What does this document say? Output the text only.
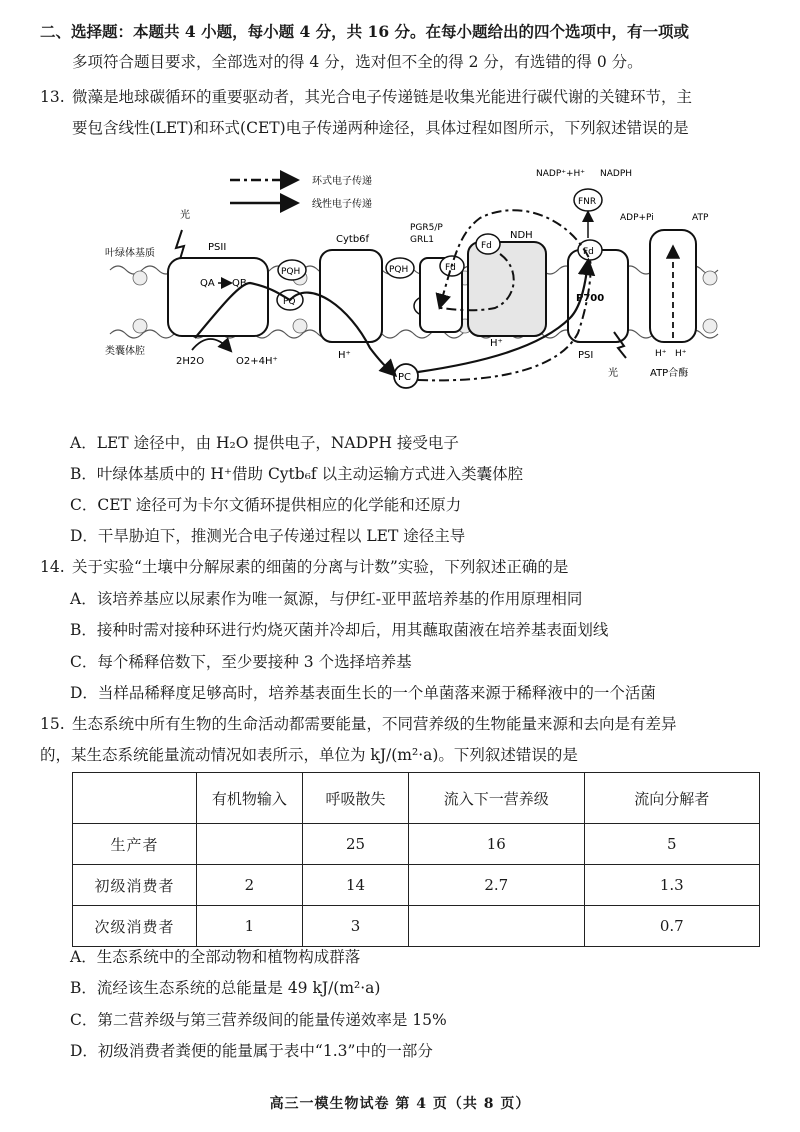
二、选择题：本题共 4 小题，每小题 4 分，共 16 分。在每小题给出的四个选项中，有一项或
多项符合题目要求，全部选对的得 4 分，选对但不全的得 2 分，有选错的得 0 分。
13. 微藻是地球碳循环的重要驱动者，其光合电子传递链是收集光能进行碳代谢的关键环节，主
要包含线性(LET)和环式(CET)电子传递两种途径，具体过程如图所示，下列叙述错误的是
环式电子传递
线性电子传递
叶绿体基质
类囊体腔
光
PSII
QA QB
PQH
PQ
Cytb6f
H⁺
PQH
PGR5/P
GRL1
Fd
NDH
Fd
H⁺
Fd
P700
PSI
光
FNR
NADP⁺+H⁺ NADPH
ADP+Pi	ATP
H⁺ H⁺
ATP合酶
2H2O	O2+4H⁺
PC
A．LET 途径中，由 H₂O 提供电子，NADPH 接受电子
B．叶绿体基质中的 H⁺借助 Cytb₆f 以主动运输方式进入类囊体腔
C．CET 途径可为卡尔文循环提供相应的化学能和还原力
D．干旱胁迫下，推测光合电子传递过程以 LET 途径主导
14. 关于实验“土壤中分解尿素的细菌的分离与计数”实验，下列叙述正确的是
A．该培养基应以尿素作为唯一氮源，与伊红-亚甲蓝培养基的作用原理相同
B．接种时需对接种环进行灼烧灭菌并冷却后，用其蘸取菌液在培养基表面划线
C．每个稀释倍数下，至少要接种 3 个选择培养基
D．当样品稀释度足够高时，培养基表面生长的一个单菌落来源于稀释液中的一个活菌
15. 生态系统中所有生物的生命活动都需要能量，不同营养级的生物能量来源和去向是有差异
的，某生态系统能量流动情况如表所示，单位为 kJ/(m²·a)。下列叙述错误的是
	有机物输入	呼吸散失	流入下一营养级	流向分解者
生产者		25	16	5
初级消费者	2	14	2.7	1.3
次级消费者	1	3		0.7
A．生态系统中的全部动物和植物构成群落
B．流经该生态系统的总能量是 49 kJ/(m²·a)
C．第二营养级与第三营养级间的能量传递效率是 15%
D．初级消费者粪便的能量属于表中“1.3”中的一部分
高三一模生物试卷 第 4 页（共 8 页）
